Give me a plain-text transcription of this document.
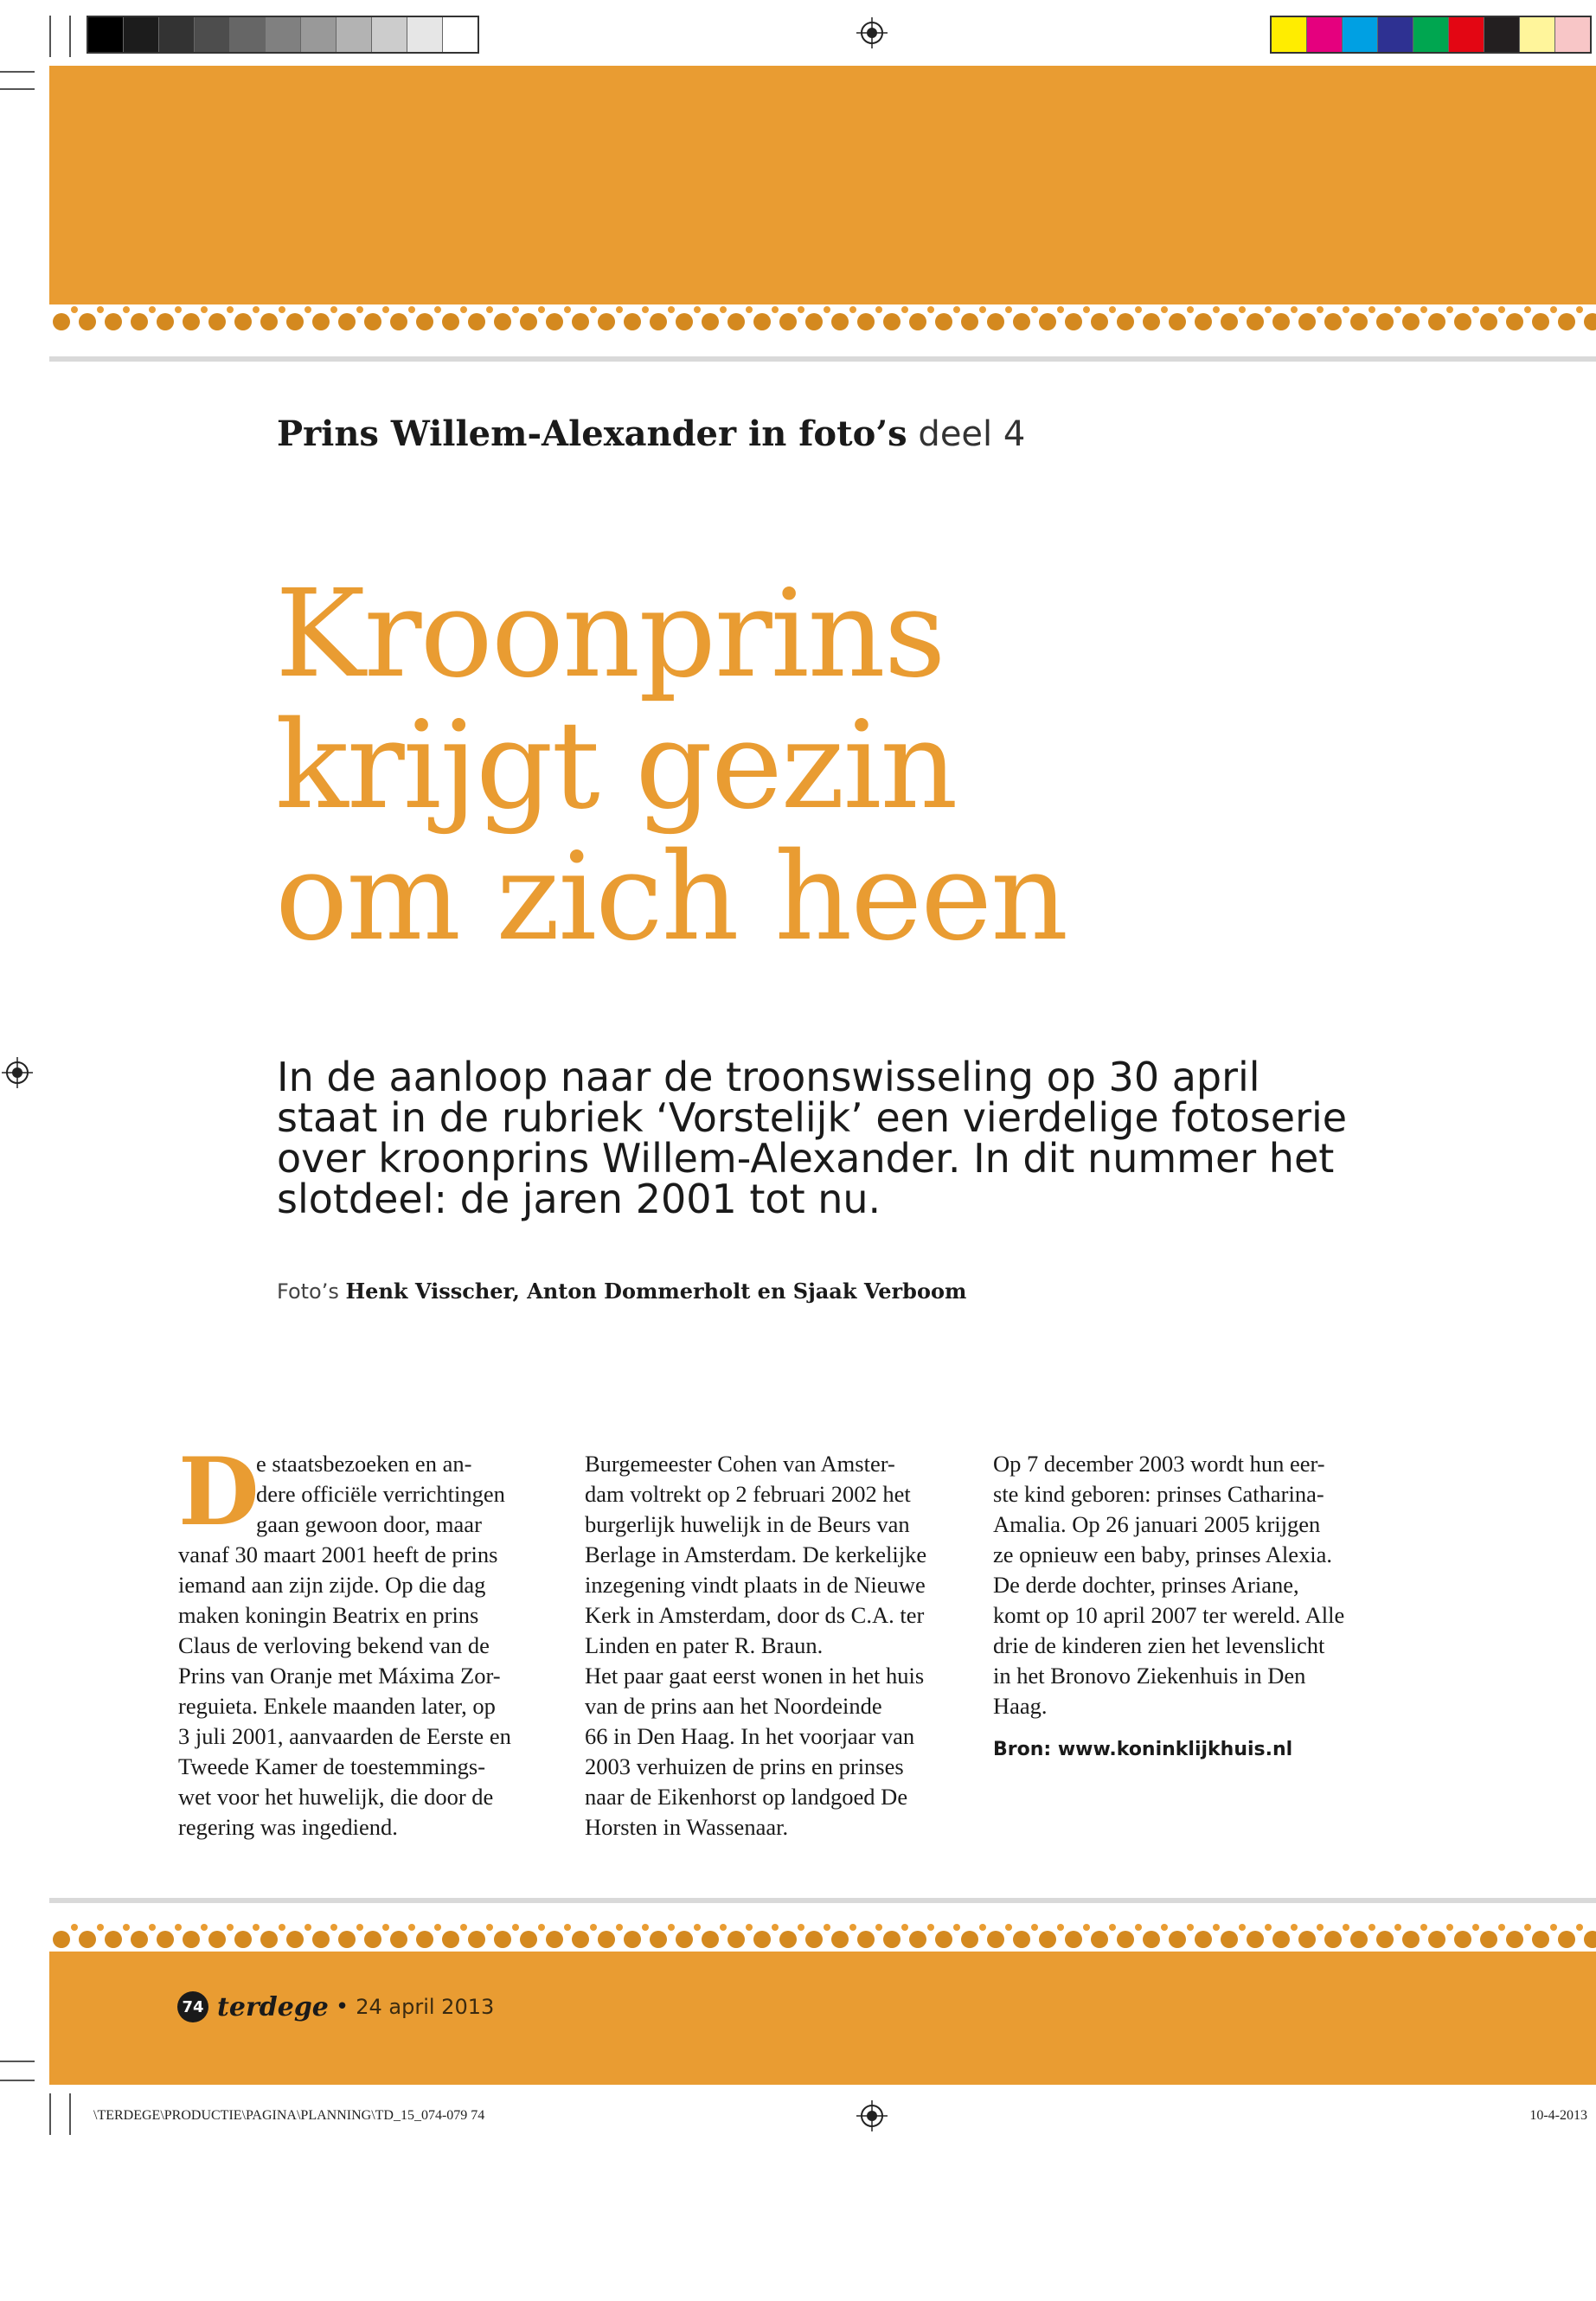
Prins Willem-Alexander in foto’s deel 4
Kroonprins
krijgt gezin
om zich heen
In de aanloop naar de troonswisseling op 30 april
staat in de rubriek ‘Vorstelijk’ een vierdelige fotoserie
over kroonprins Willem-Alexander. In dit nummer het
slotdeel: de jaren 2001 tot nu.
Foto’s Henk Visscher, Anton Dommerholt en Sjaak Verboom
D
e staatsbezoeken en an-
dere officiële verrichtingen
gaan gewoon door, maar
vanaf 30 maart 2001 heeft de prins
iemand aan zijn zijde. Op die dag
maken koningin Beatrix en prins
Claus de verloving bekend van de
Prins van Oranje met Máxima Zor-
reguieta. Enkele maanden later, op
3 juli 2001, aanvaarden de Eerste en
Tweede Kamer de toestemmings-
wet voor het huwelijk, die door de
regering was ingediend.
Burgemeester Cohen van Amster-
dam voltrekt op 2 februari 2002 het
burgerlijk huwelijk in de Beurs van
Berlage in Amsterdam. De kerkelijke
inzegening vindt plaats in de Nieuwe
Kerk in Amsterdam, door ds C.A. ter
Linden en pater R. Braun.
Het paar gaat eerst wonen in het huis
van de prins aan het Noordeinde
66 in Den Haag. In het voorjaar van
2003 verhuizen de prins en prinses
naar de Eikenhorst op landgoed De
Horsten in Wassenaar.
Op 7 december 2003 wordt hun eer-
ste kind geboren: prinses Catharina-
Amalia. Op 26 januari 2005 krijgen
ze opnieuw een baby, prinses Alexia.
De derde dochter, prinses Ariane,
komt op 10 april 2007 ter wereld. Alle
drie de kinderen zien het levenslicht
in het Bronovo Ziekenhuis in Den
Haag.
Bron: www.koninklijkhuis.nl
74 terdege • 24 april 2013
\TERDEGE\PRODUCTIE\PAGINA\PLANNING\TD_15_074-079 74	10-4-2013
